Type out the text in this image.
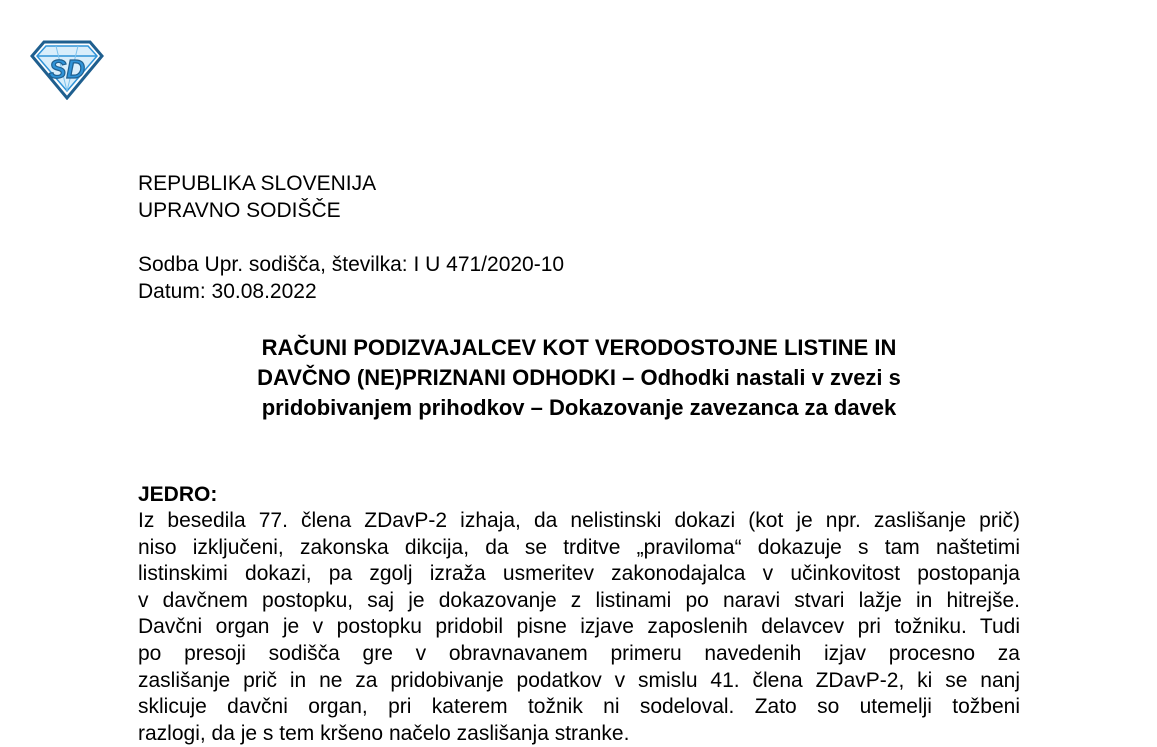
SD
REPUBLIKA SLOVENIJA
UPRAVNO SODIŠČE
Sodba Upr. sodišča, številka: I U 471/2020-10
Datum: 30.08.2022
RAČUNI PODIZVAJALCEV KOT VERODOSTOJNE LISTINE IN
DAVČNO (NE)PRIZNANI ODHODKI – Odhodki nastali v zvezi s
pridobivanjem prihodkov – Dokazovanje zavezanca za davek
JEDRO:
Iz besedila 77. člena ZDavP-2 izhaja, da nelistinski dokazi (kot je npr. zaslišanje prič)
niso izključeni, zakonska dikcija, da se trditve „praviloma“ dokazuje s tam naštetimi
listinskimi dokazi, pa zgolj izraža usmeritev zakonodajalca v učinkovitost postopanja
v davčnem postopku, saj je dokazovanje z listinami po naravi stvari lažje in hitrejše.
Davčni organ je v postopku pridobil pisne izjave zaposlenih delavcev pri tožniku. Tudi
po presoji sodišča gre v obravnavanem primeru navedenih izjav procesno za
zaslišanje prič in ne za pridobivanje podatkov v smislu 41. člena ZDavP-2, ki se nanj
sklicuje davčni organ, pri katerem tožnik ni sodeloval. Zato so utemelji tožbeni
razlogi, da je s tem kršeno načelo zaslišanja stranke.
